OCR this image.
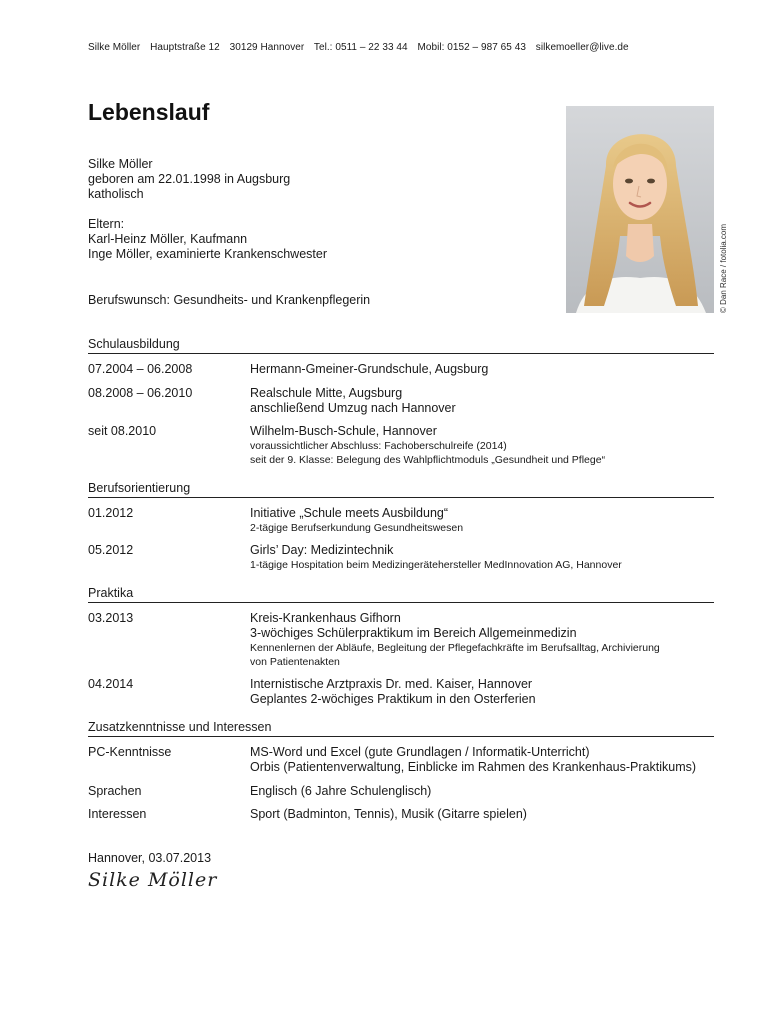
Silke Möller Hauptstraße 12 30129 Hannover Tel.: 0511 – 22 33 44 Mobil: 0152 – 987 65 43 silkemoeller@live.de
Lebenslauf
Silke Möller
geboren am 22.01.1998 in Augsburg
katholisch
Eltern:
Karl-Heinz Möller, Kaufmann
Inge Möller, examinierte Krankenschwester
Berufswunsch: Gesundheits- und Krankenpflegerin	© Dan Race / fotolia.com
Schulausbildung
07.2004 – 06.2008	Hermann-Gmeiner-Grundschule, Augsburg
08.2008 – 06.2010	Realschule Mitte, Augsburg
anschließend Umzug nach Hannover
seit 08.2010	Wilhelm-Busch-Schule, Hannover
voraussichtlicher Abschluss: Fachoberschulreife (2014)
seit der 9. Klasse: Belegung des Wahlpflichtmoduls „Gesundheit und Pflege“
Berufsorientierung
01.2012	Initiative „Schule meets Ausbildung“
2-tägige Berufserkundung Gesundheitswesen
05.2012	Girls’ Day: Medizintechnik
1-tägige Hospitation beim Medizingerätehersteller MedInnovation AG, Hannover
Praktika
03.2013	Kreis-Krankenhaus Gifhorn
3-wöchiges Schülerpraktikum im Bereich Allgemeinmedizin
Kennenlernen der Abläufe, Begleitung der Pflegefachkräfte im Berufsalltag, Archivierung
von Patientenakten
04.2014	Internistische Arztpraxis Dr. med. Kaiser, Hannover
Geplantes 2-wöchiges Praktikum in den Osterferien
Zusatzkenntnisse und Interessen
PC-Kenntnisse	MS-Word und Excel (gute Grundlagen / Informatik-Unterricht)
Orbis (Patientenverwaltung, Einblicke im Rahmen des Krankenhaus-Praktikums)
Sprachen	Englisch (6 Jahre Schulenglisch)
Interessen	Sport (Badminton, Tennis), Musik (Gitarre spielen)
Hannover, 03.07.2013
Silke Möller
